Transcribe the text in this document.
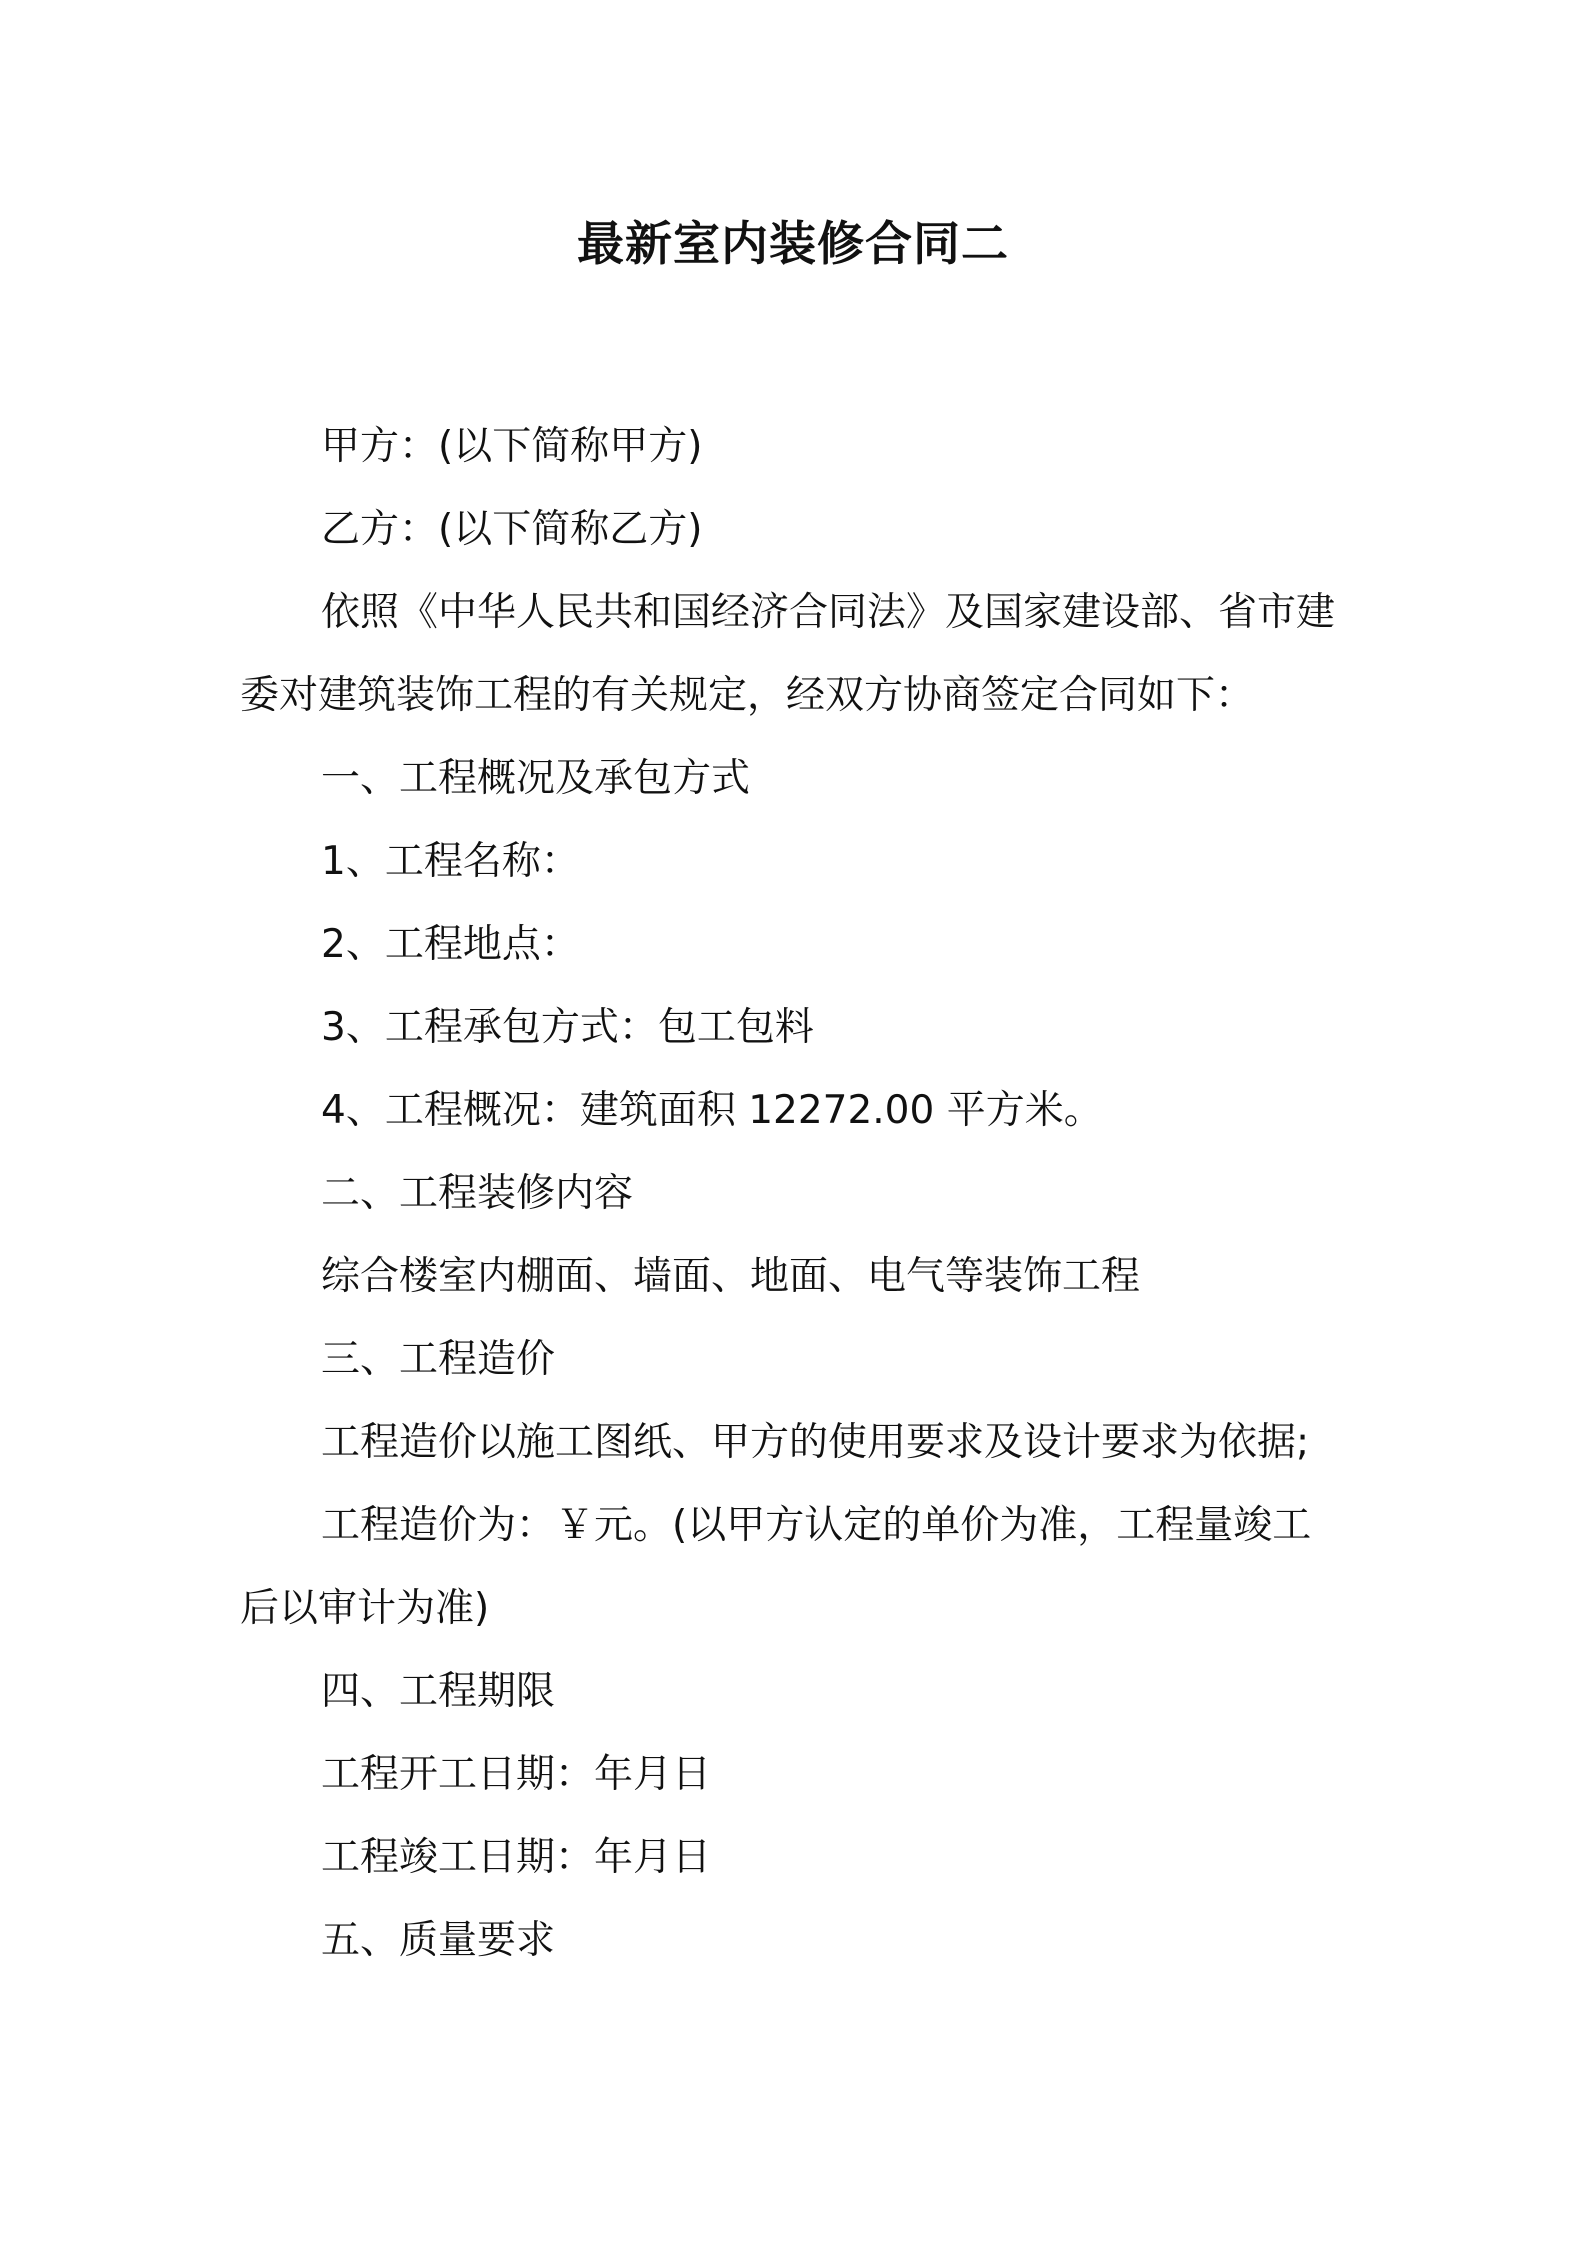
最新室内装修合同二

甲方：(以下简称甲方)

乙方：(以下简称乙方)

依照《中华人民共和国经济合同法》及国家建设部、省市建委对建筑装饰工程的有关规定，经双方协商签定合同如下：

一、工程概况及承包方式

1、工程名称：

2、工程地点：

3、工程承包方式：包工包料

4、工程概况：建筑面积 12272.00 平方米。

二、工程装修内容

综合楼室内棚面、墙面、地面、电气等装饰工程

三、工程造价

工程造价以施工图纸、甲方的使用要求及设计要求为依据;

工程造价为：￥元。(以甲方认定的单价为准，工程量竣工后以审计为准)

四、工程期限

工程开工日期：年月日

工程竣工日期：年月日

五、质量要求
